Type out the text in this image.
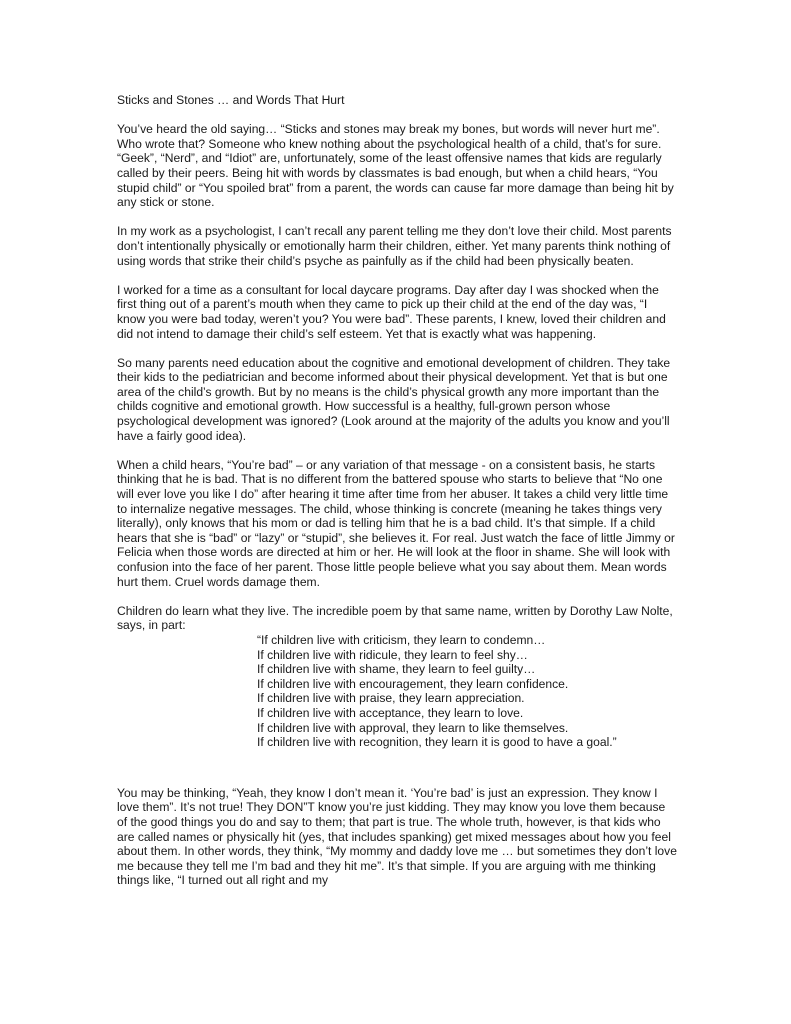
Sticks and Stones … and Words That Hurt

You’ve heard the old saying… “Sticks and stones may break my bones, but words will never hurt me”. Who wrote that? Someone who knew nothing about the psychological health of a child, that’s for sure. “Geek”, “Nerd”, and “Idiot” are, unfortunately, some of the least offensive names that kids are regularly called by their peers. Being hit with words by classmates is bad enough, but when a child hears, “You stupid child” or “You spoiled brat” from a parent, the words can cause far more damage than being hit by any stick or stone.

In my work as a psychologist, I can’t recall any parent telling me they don’t love their child. Most parents don’t intentionally physically or emotionally harm their children, either. Yet many parents think nothing of using words that strike their child’s psyche as painfully as if the child had been physically beaten.

I worked for a time as a consultant for local daycare programs. Day after day I was shocked when the first thing out of a parent’s mouth when they came to pick up their child at the end of the day was, “I know you were bad today, weren’t you? You were bad”. These parents, I knew, loved their children and did not intend to damage their child’s self esteem. Yet that is exactly what was happening.

So many parents need education about the cognitive and emotional development of children. They take their kids to the pediatrician and become informed about their physical development. Yet that is but one area of the child’s growth. But by no means is the child’s physical growth any more important than the childs cognitive and emotional growth. How successful is a healthy, full-grown person whose psychological development was ignored? (Look around at the majority of the adults you know and you’ll have a fairly good idea).

When a child hears, “You’re bad” – or any variation of that message - on a consistent basis, he starts thinking that he is bad. That is no different from the battered spouse who starts to believe that “No one will ever love you like I do” after hearing it time after time from her abuser. It takes a child very little time to internalize negative messages. The child, whose thinking is concrete (meaning he takes things very literally), only knows that his mom or dad is telling him that he is a bad child. It’s that simple. If a child hears that she is “bad” or “lazy” or “stupid”, she believes it. For real. Just watch the face of little Jimmy or Felicia when those words are directed at him or her. He will look at the floor in shame. She will look with confusion into the face of her parent. Those little people believe what you say about them. Mean words hurt them. Cruel words damage them.

Children do learn what they live. The incredible poem by that same name, written by Dorothy Law Nolte, says, in part:

“If children live with criticism, they learn to condemn…
If children live with ridicule, they learn to feel shy…
If children live with shame, they learn to feel guilty…
If children live with encouragement, they learn confidence.
If children live with praise, they learn appreciation.
If children live with acceptance, they learn to love.
If children live with approval, they learn to like themselves.
If children live with recognition, they learn it is good to have a goal.”

You may be thinking, “Yeah, they know I don’t mean it. ‘You’re bad’ is just an expression. They know I love them”. It’s not true! They DON”T know you’re just kidding. They may know you love them because of the good things you do and say to them; that part is true. The whole truth, however, is that kids who are called names or physically hit (yes, that includes spanking) get mixed messages about how you feel about them. In other words, they think, “My mommy and daddy love me … but sometimes they don’t love me because they tell me I’m bad and they hit me”. It’s that simple. If you are arguing with me thinking things like, “I turned out all right and my
